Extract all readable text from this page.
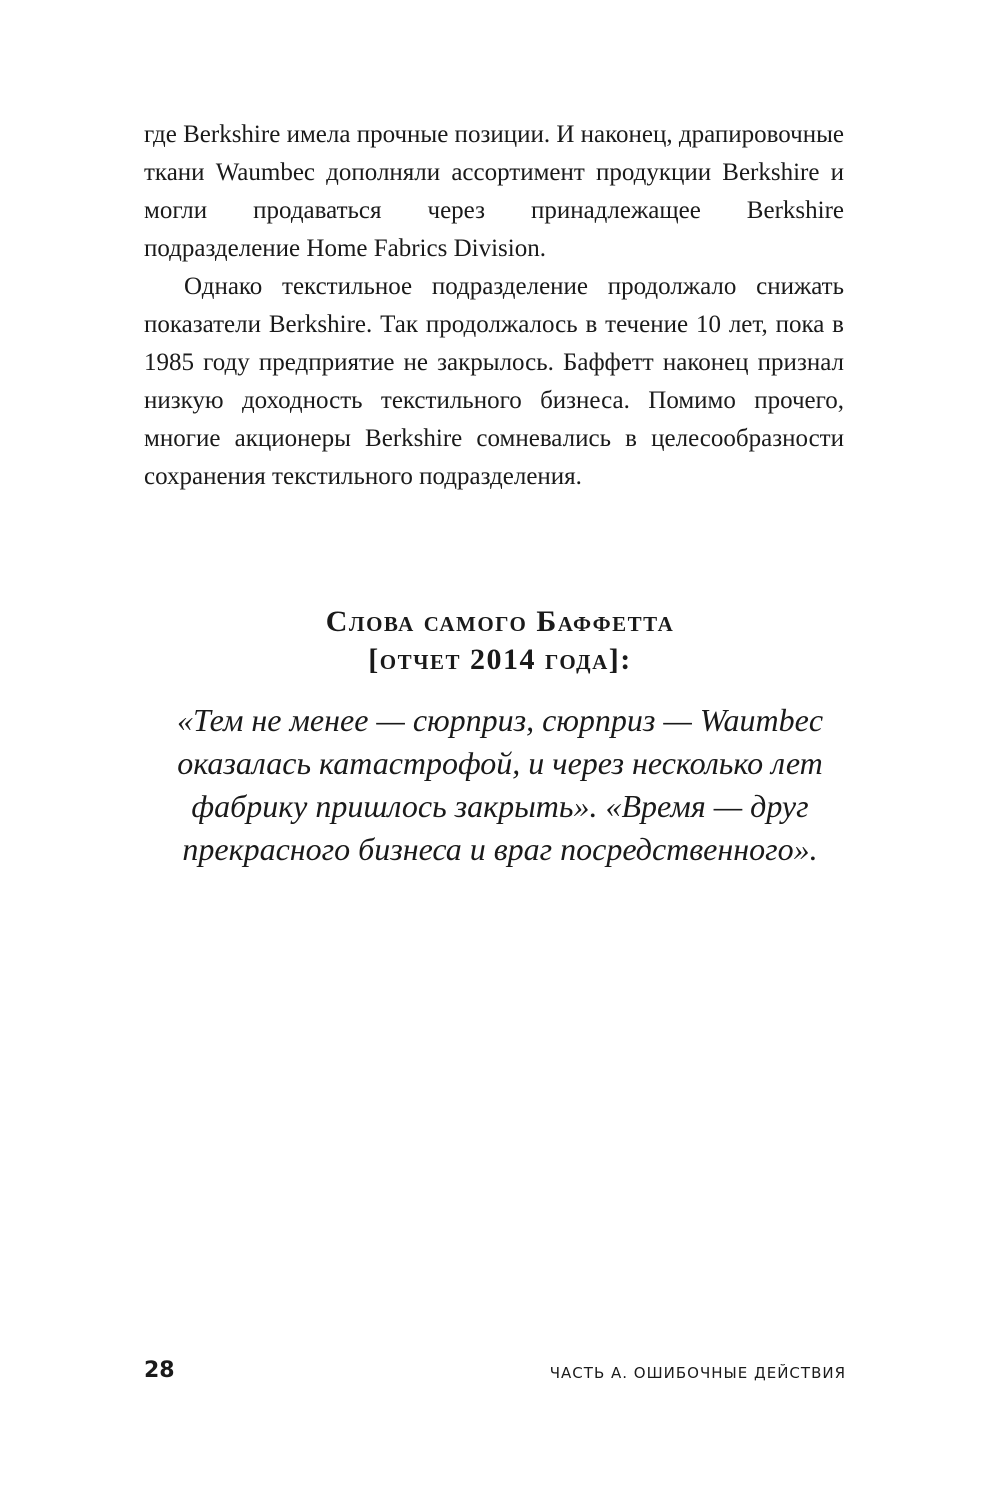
где Berkshire имела прочные позиции. И наконец, драпировочные ткани Waumbec дополняли ассортимент продукции Berkshire и могли продаваться через принадлежащее Berkshire подразделение Home Fabrics Division.

Однако текстильное подразделение продолжало снижать показатели Berkshire. Так продолжалось в течение 10 лет, пока в 1985 году предприятие не закрылось. Баффетт наконец признал низкую доходность текстильного бизнеса. Помимо прочего, многие акционеры Berkshire сомневались в целесообразности сохранения текстильного подразделения.

Слова самого Баффетта
[отчет 2014 года]:
«Тем не менее — сюрприз, сюрприз — Waumbec оказалась катастрофой, и через несколько лет фабрику пришлось закрыть». «Время — друг прекрасного бизнеса и враг посредственного».
28	ЧАСТЬ А. ОШИБОЧНЫЕ ДЕЙСТВИЯ
